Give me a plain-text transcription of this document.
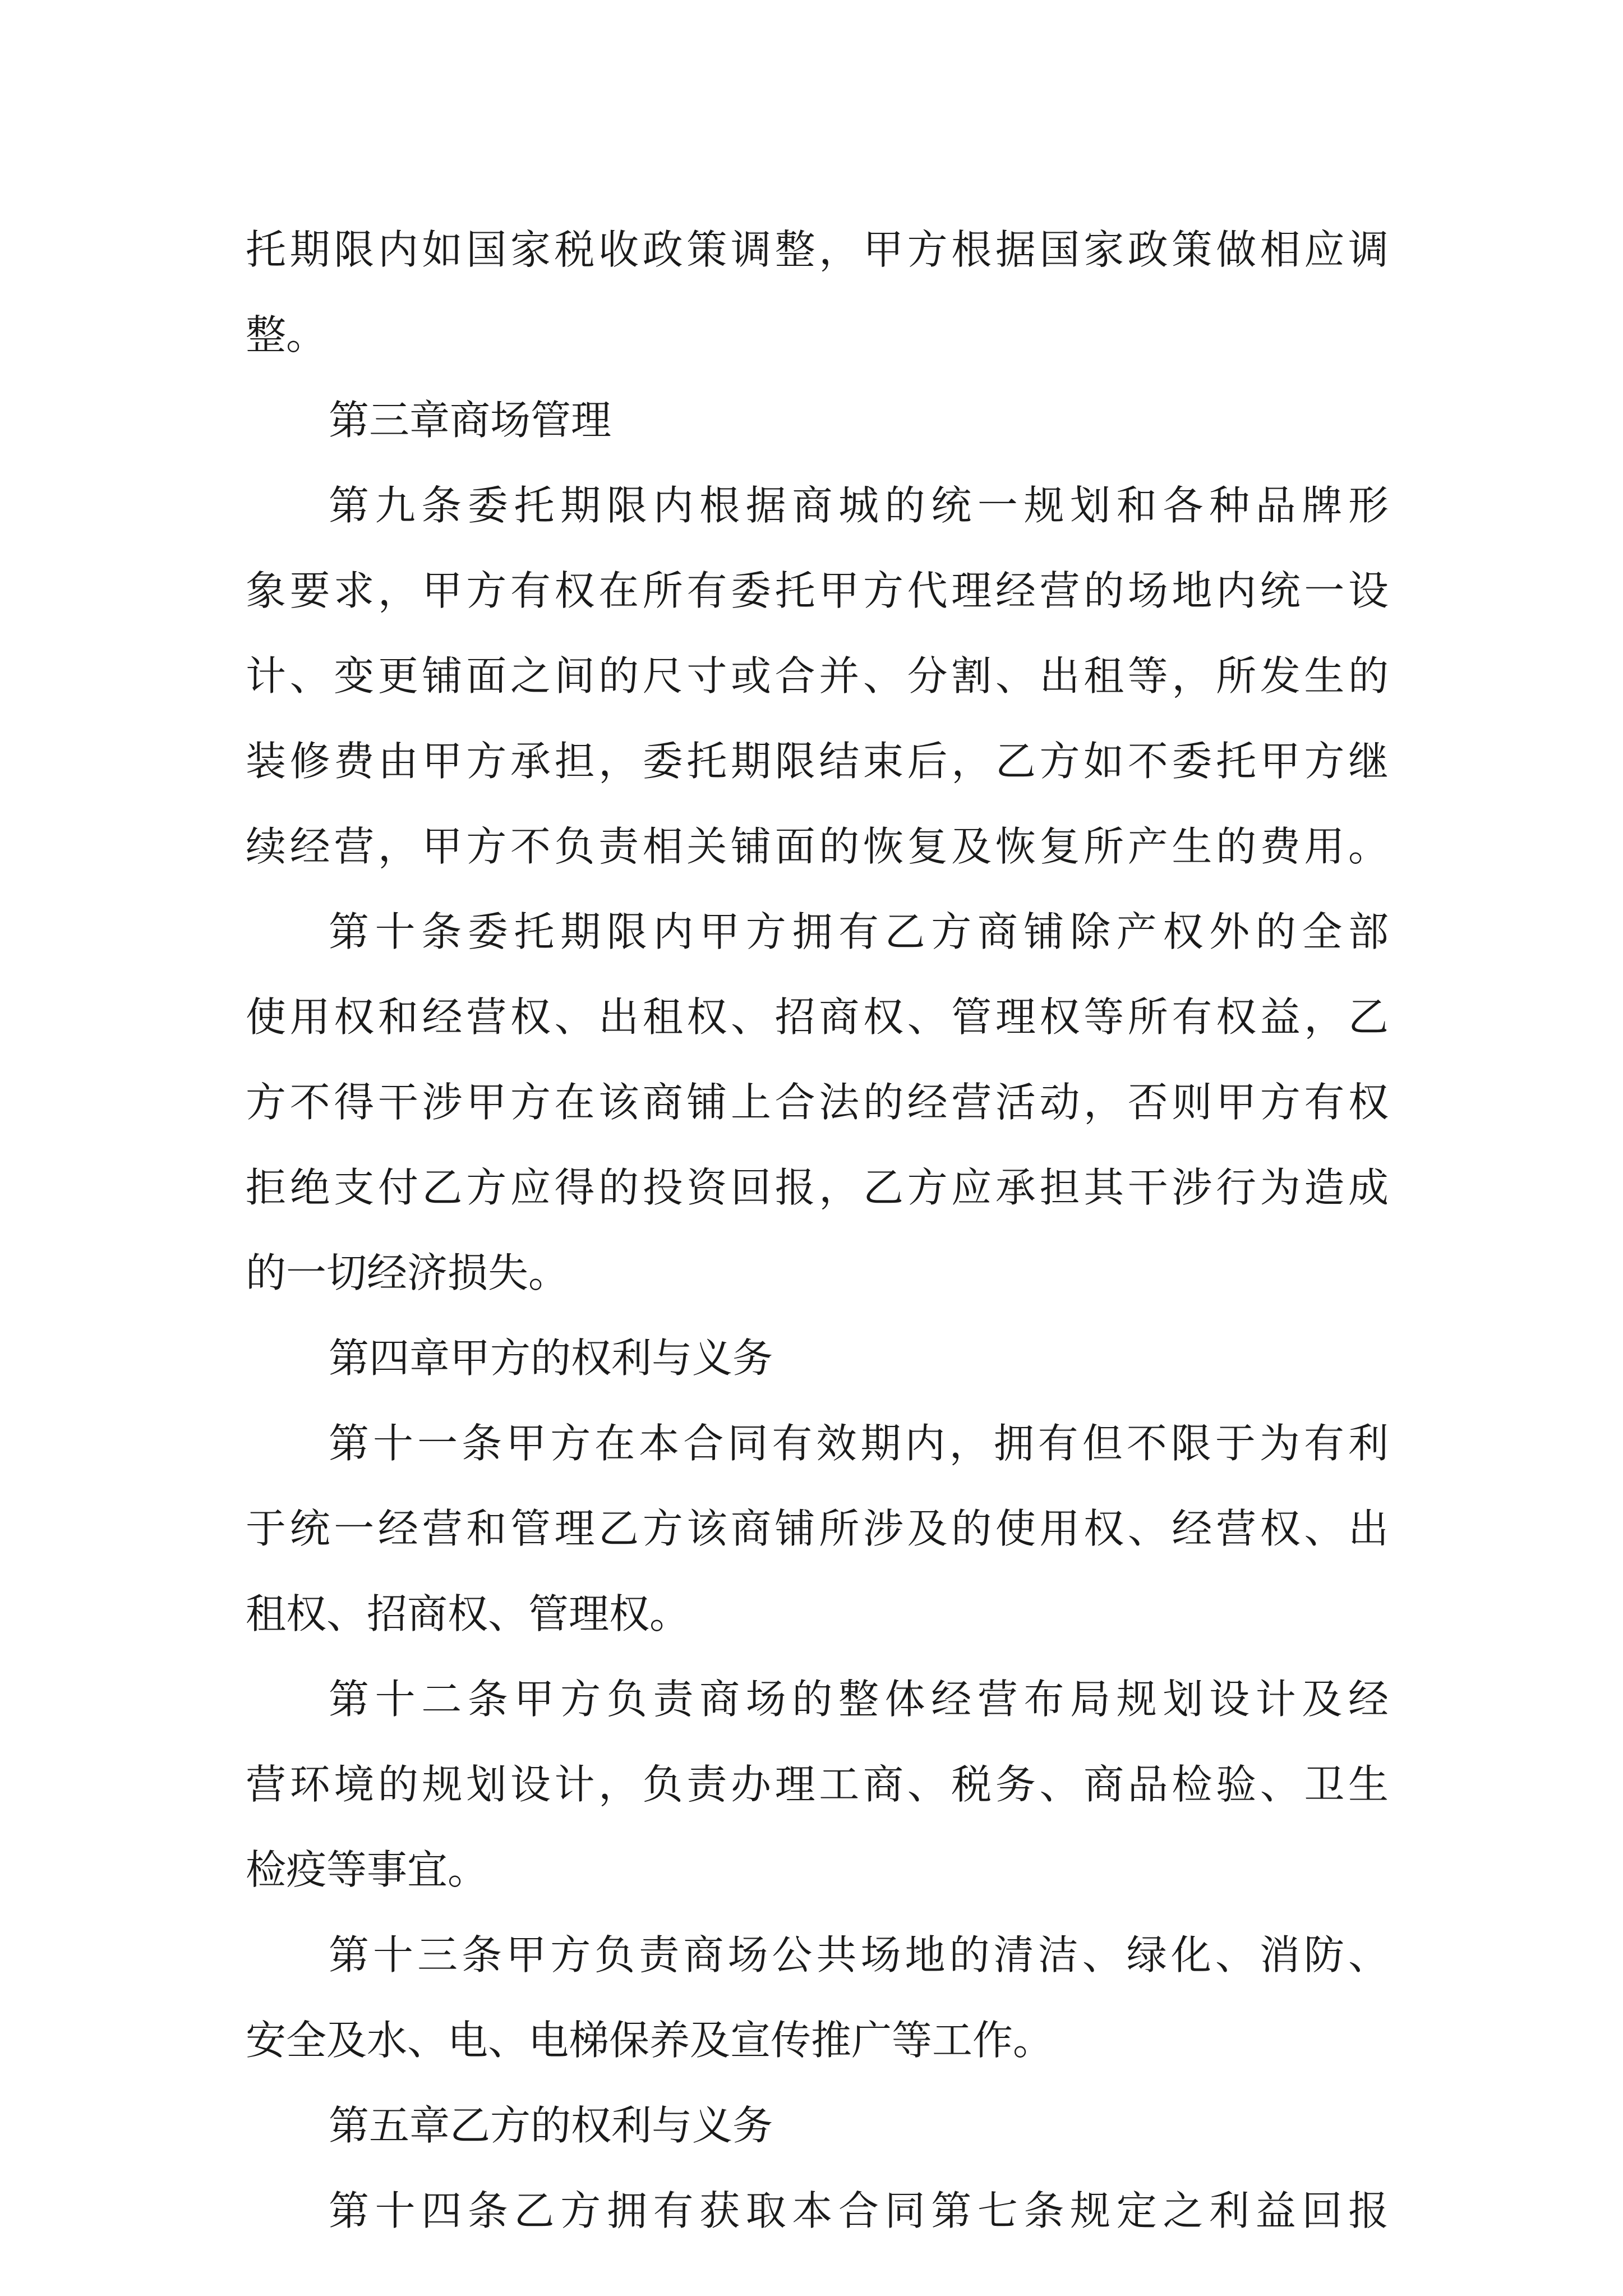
托期限内如国家税收政策调整，甲方根据国家政策做相应调
整。
第三章商场管理
第九条委托期限内根据商城的统一规划和各种品牌形
象要求，甲方有权在所有委托甲方代理经营的场地内统一设
计、变更铺面之间的尺寸或合并、分割、出租等，所发生的
装修费由甲方承担，委托期限结束后，乙方如不委托甲方继
续经营，甲方不负责相关铺面的恢复及恢复所产生的费用。
第十条委托期限内甲方拥有乙方商铺除产权外的全部
使用权和经营权、出租权、招商权、管理权等所有权益，乙
方不得干涉甲方在该商铺上合法的经营活动，否则甲方有权
拒绝支付乙方应得的投资回报，乙方应承担其干涉行为造成
的一切经济损失。
第四章甲方的权利与义务
第十一条甲方在本合同有效期内，拥有但不限于为有利
于统一经营和管理乙方该商铺所涉及的使用权、经营权、出
租权、招商权、管理权。
第十二条甲方负责商场的整体经营布局规划设计及经
营环境的规划设计，负责办理工商、税务、商品检验、卫生
检疫等事宜。
第十三条甲方负责商场公共场地的清洁、绿化、消防、
安全及水、电、电梯保养及宣传推广等工作。
第五章乙方的权利与义务
第十四条乙方拥有获取本合同第七条规定之利益回报
